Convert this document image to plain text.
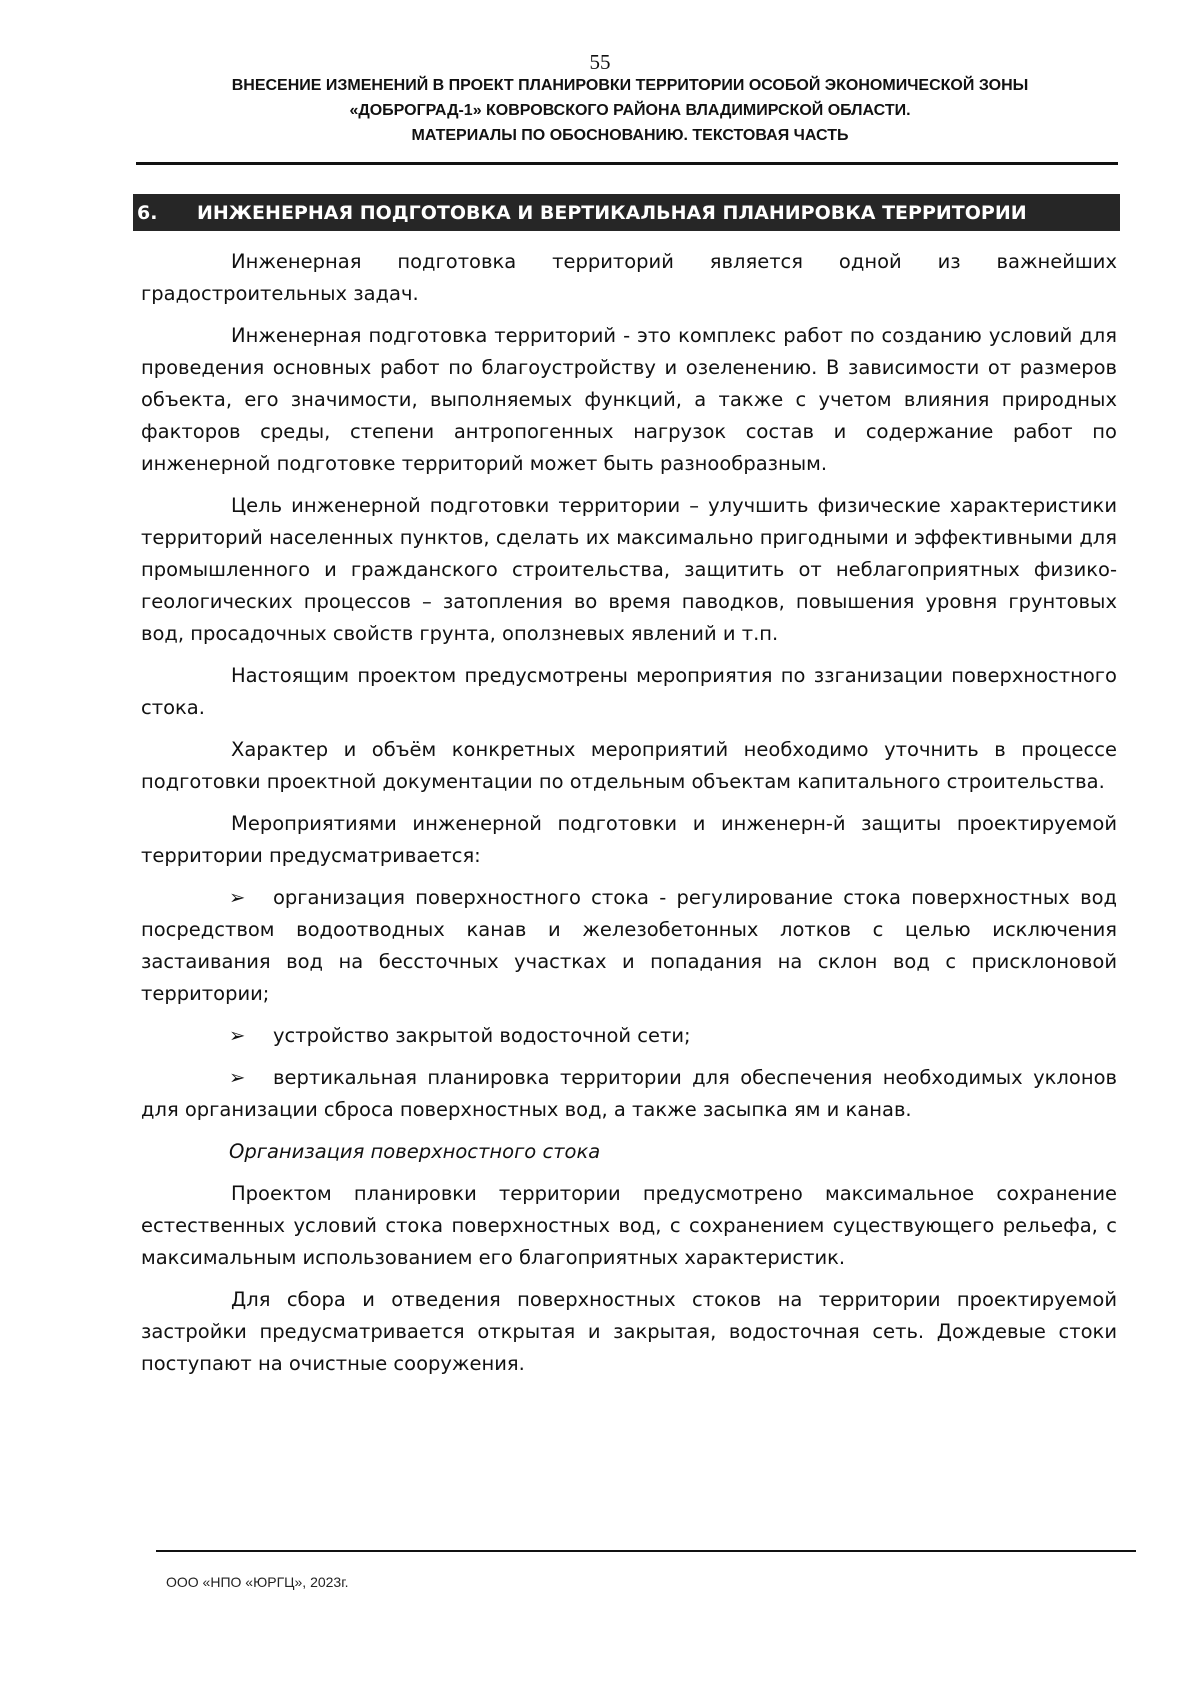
55
ВНЕСЕНИЕ ИЗМЕНЕНИЙ В ПРОЕКТ ПЛАНИРОВКИ ТЕРРИТОРИИ ОСОБОЙ ЭКОНОМИЧЕСКОЙ ЗОНЫ
«ДОБРОГРАД-1» КОВРОВСКОГО РАЙОНА ВЛАДИМИРСКОЙ ОБЛАСТИ.
МАТЕРИАЛЫ ПО ОБОСНОВАНИЮ. ТЕКСТОВАЯ ЧАСТЬ
6.	ИНЖЕНЕРНАЯ ПОДГОТОВКА И ВЕРТИКАЛЬНАЯ ПЛАНИРОВКА ТЕРРИТОРИИ

Инженерная подготовка территорий является одной из важнейших градостроительных задач.

Инженерная подготовка территорий - это комплекс работ по созданию условий для проведения основных работ по благоустройству и озеленению. В зависимости от размеров объекта, его значимости, выполняемых функций, а также с учетом влияния природных факторов среды, степени антропогенных нагрузок состав и содержание работ по инженерной подготовке территорий может быть разнообразным.

Цель инженерной подготовки территории – улучшить физические характеристики территорий населенных пунктов, сделать их максимально пригодными и эффективными для промышленного и гражданского строительства, защитить от неблагоприятных физико-геологических процессов – затопления во время паводков, повышения уровня грунтовых вод, просадочных свойств грунта, оползневых явлений и т.п.

Настоящим проектом предусмотрены мероприятия по ззганизации поверхностного стока.

Характер и объём конкретных мероприятий необходимо уточнить в процессе подготовки проектной документации по отдельным объектам капитального строительства.

Мероприятиями инженерной подготовки и инженерн-й защиты проектируемой территории предусматривается:

➢ организация поверхностного стока - регулирование стока поверхностных вод посредством водоотводных канав и железобетонных лотков с целью исключения застаивания вод на бессточных участках и попадания на склон вод с присклоновой территории;

➢ устройство закрытой водосточной сети;

➢ вертикальная планировка территории для обеспечения необходимых уклонов для организации сброса поверхностных вод, а также засыпка ям и канав.

Организация поверхностного стока

Проектом планировки территории предусмотрено максимальное сохранение естественных условий стока поверхностных вод, с сохранением суцествующего рельефа, с максимальным использованием его благоприятных характеристик.

Для сбора и отведения поверхностных стоков на территории проектируемой застройки предусматривается открытая и закрытая, водосточная сеть. Дождевые стоки поступают на очистные сооружения.

ООО «НПО «ЮРГЦ», 2023г.
